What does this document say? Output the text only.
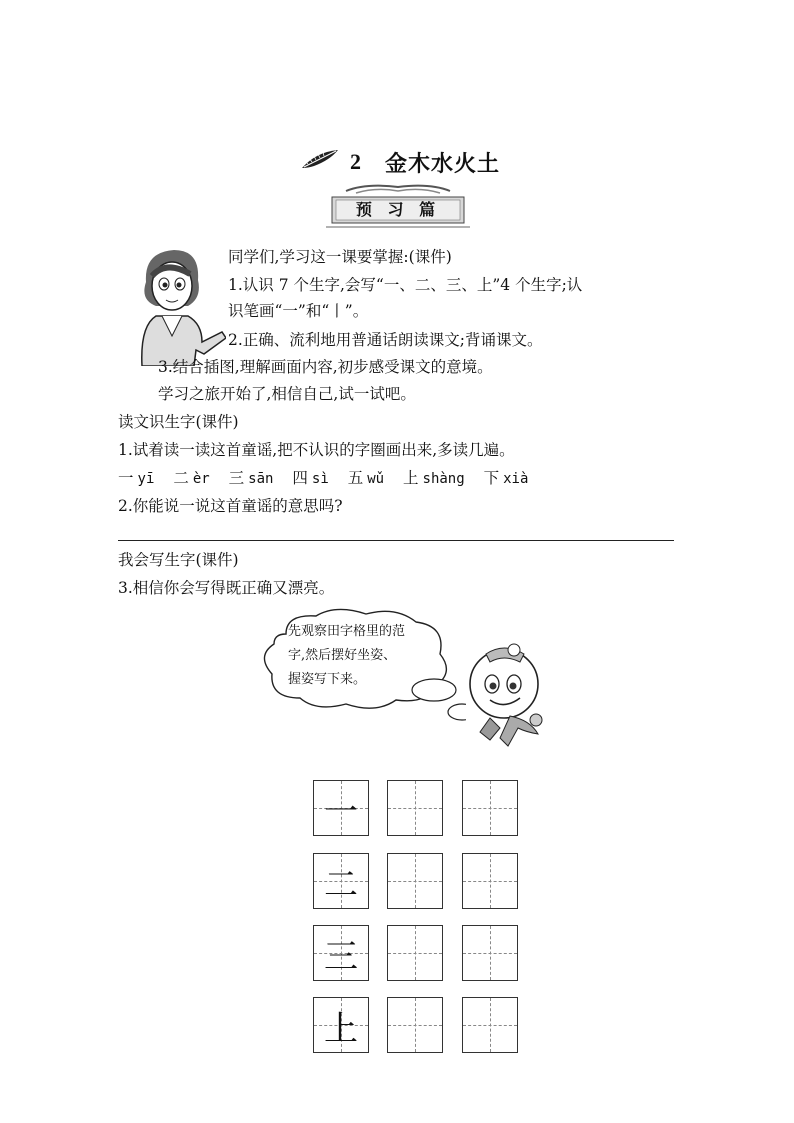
2 金木水火土
预 习 篇
同学们,学习这一课要掌握:(课件)
1.认识 7 个生字,会写“一、二、三、上”4 个生字;认
识笔画“一”和“丨”。
2.正确、流利地用普通话朗读课文;背诵课文。
3.结合插图,理解画面内容,初步感受课文的意境。
学习之旅开始了,相信自己,试一试吧。
读文识生字(课件)
1.试着读一读这首童谣,把不认识的字圈画出来,多读几遍。
一 yī 二 èr 三 sān 四 sì 五 wǔ 上 shàng 下 xià
2.你能说一说这首童谣的意思吗?
我会写生字(课件)
3.相信你会写得既正确又漂亮。
先观察田字格里的范
字,然后摆好坐姿、
握姿写下来。
一
二
三
上
